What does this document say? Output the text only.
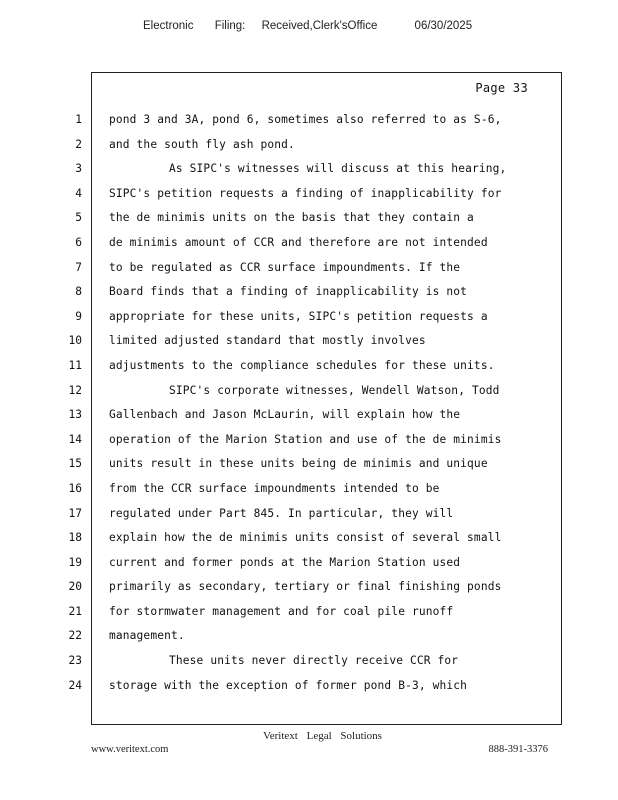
Electronic Filing: Received,Clerk'sOffice	06/30/2025
Page 33
1 pond 3 and 3A, pond 6, sometimes also referred to as S-6,
2 and the south fly ash pond.
3	As SIPC's witnesses will discuss at this hearing,
4 SIPC's petition requests a finding of inapplicability for
5 the de minimis units on the basis that they contain a
6 de minimis amount of CCR and therefore are not intended
7 to be regulated as CCR surface impoundments. If the
8 Board finds that a finding of inapplicability is not
9 appropriate for these units, SIPC's petition requests a
10 limited adjusted standard that mostly involves
11 adjustments to the compliance schedules for these units.
12	SIPC's corporate witnesses, Wendell Watson, Todd
13 Gallenbach and Jason McLaurin, will explain how the
14 operation of the Marion Station and use of the de minimis
15 units result in these units being de minimis and unique
16 from the CCR surface impoundments intended to be
17 regulated under Part 845. In particular, they will
18 explain how the de minimis units consist of several small
19 current and former ponds at the Marion Station used
20 primarily as secondary, tertiary or final finishing ponds
21 for stormwater management and for coal pile runoff
22 management.
23	These units never directly receive CCR for
24 storage with the exception of former pond B-3, which
Veritext Legal Solutions
www.veritext.com	888-391-3376
